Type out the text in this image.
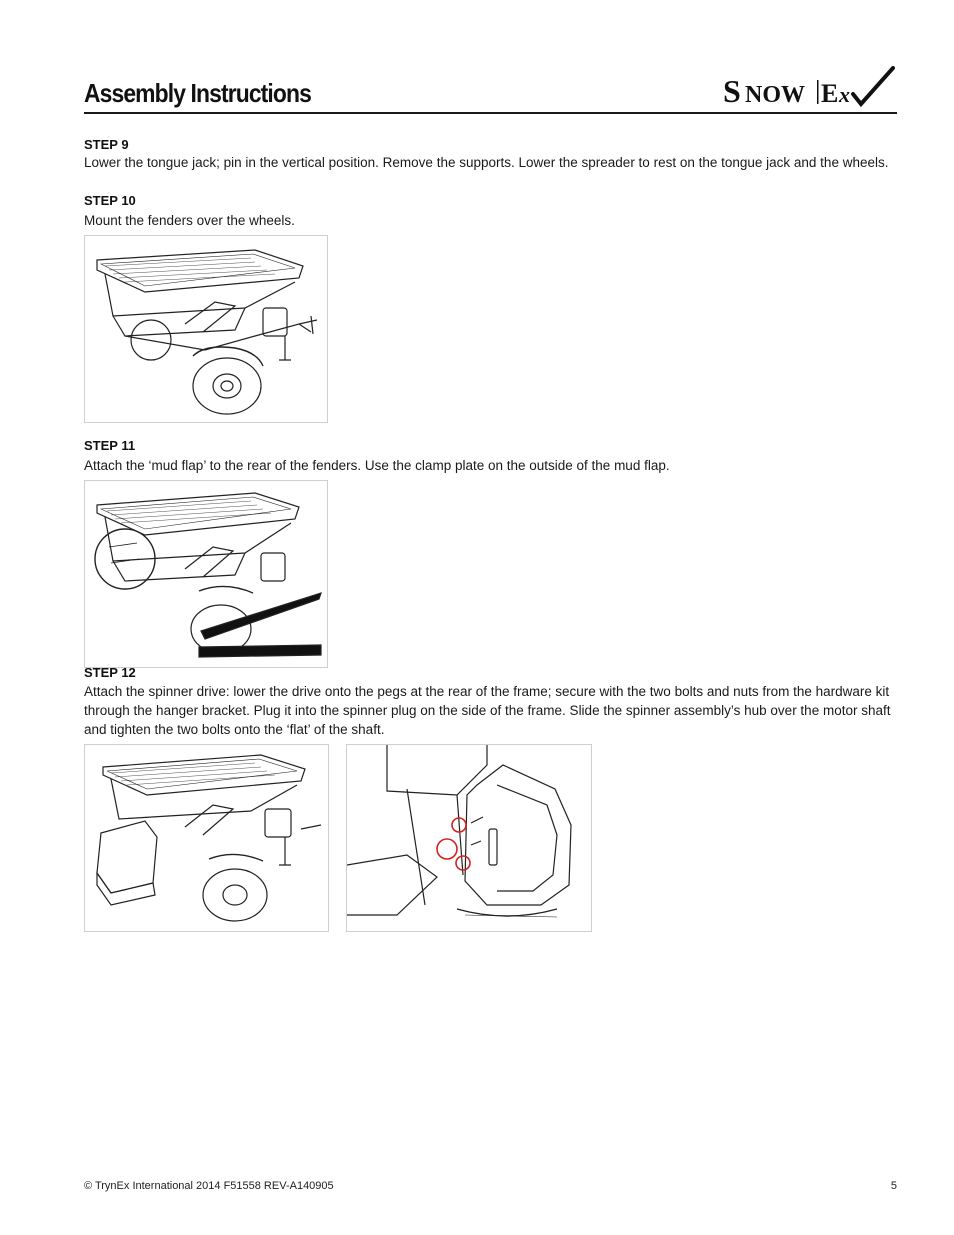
Assembly Instructions	S NOW E x
STEP 9
Lower the tongue jack; pin in the vertical position. Remove the supports. Lower the spreader to rest on the tongue jack and the wheels.
STEP 10
Mount the fenders over the wheels.
STEP 11
Attach the ‘mud flap’ to the rear of the fenders. Use the clamp plate on the outside of the mud flap.
STEP 12
Attach the spinner drive: lower the drive onto the pegs at the rear of the frame; secure with the two bolts and nuts from the hardware kit through the hanger bracket. Plug it into the spinner plug on the side of the frame. Slide the spinner assembly’s hub over the motor shaft and tighten the two bolts onto the ‘flat’ of the shaft.
© TrynEx International 2014 F51558 REV-A140905	5
